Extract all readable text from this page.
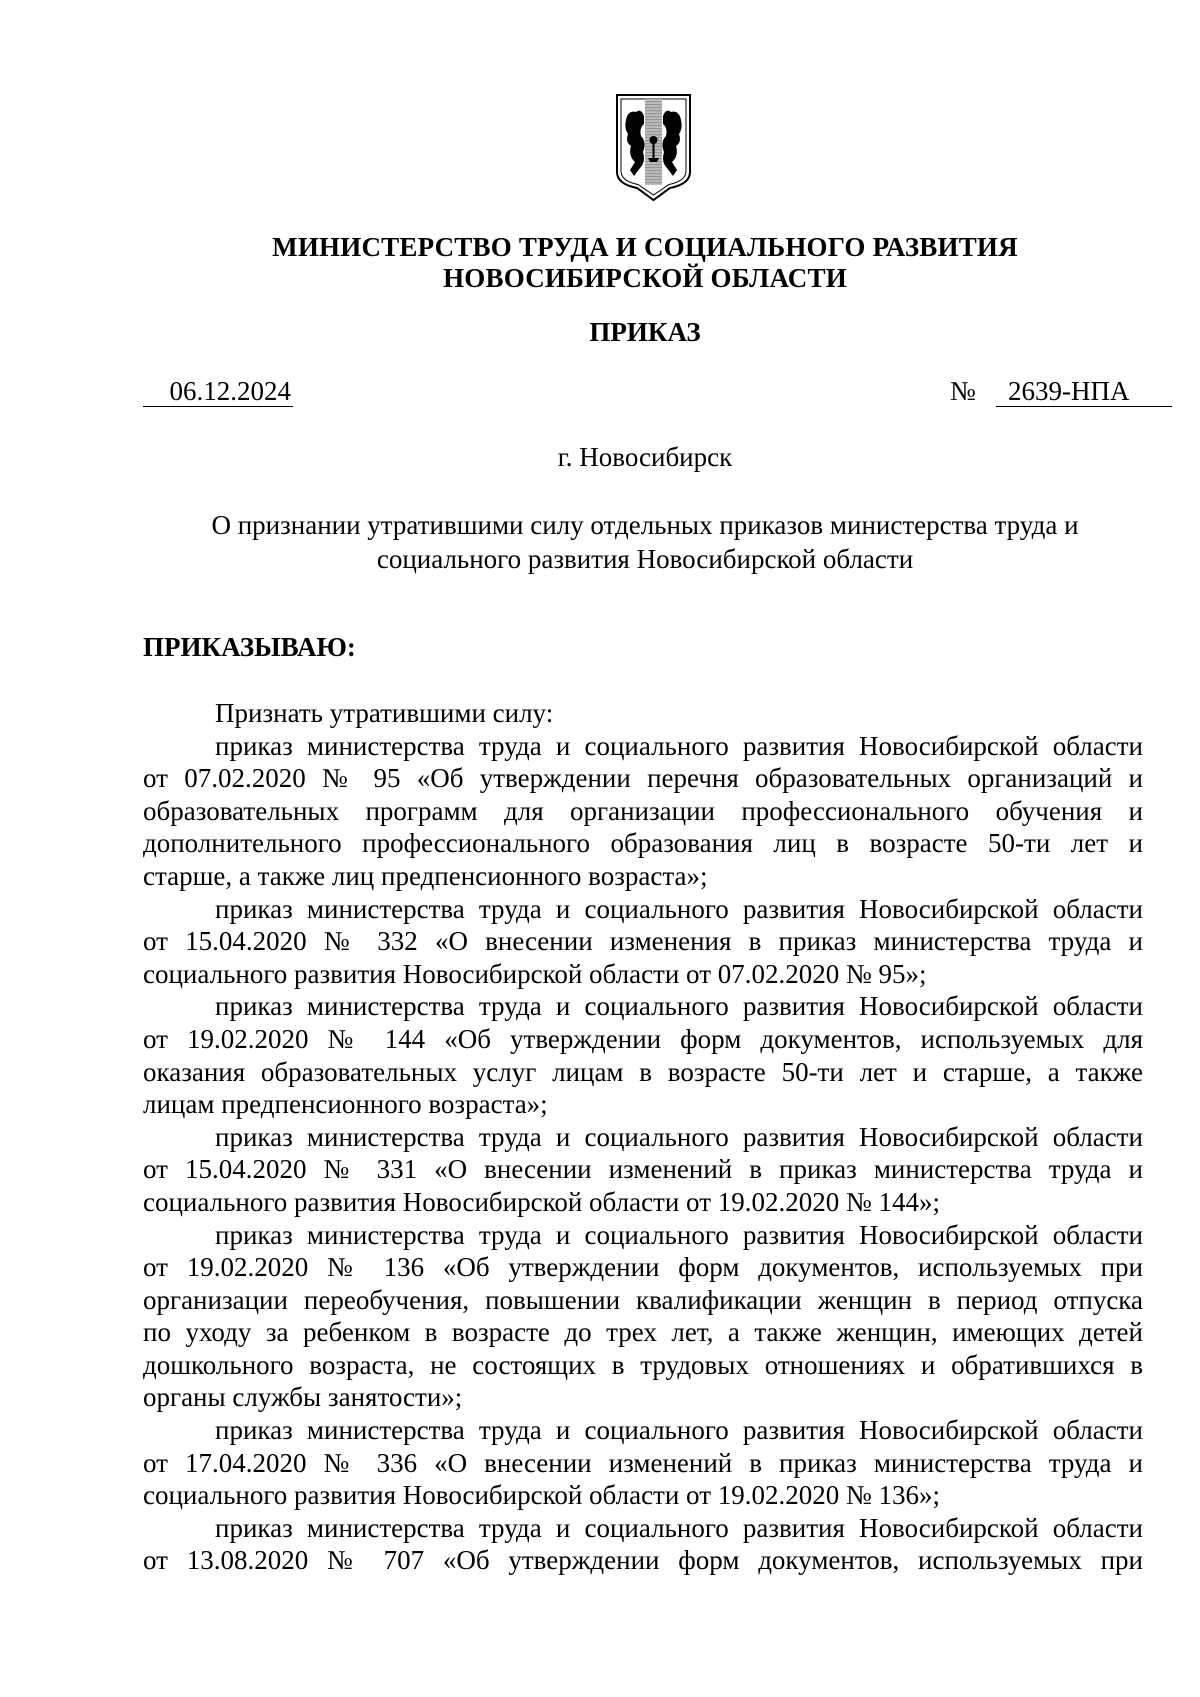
МИНИСТЕРСТВО ТРУДА И СОЦИАЛЬНОГО РАЗВИТИЯ
НОВОСИБИРСКОЙ ОБЛАСТИ
ПРИКАЗ
06.12.2024	№	2639-НПА
г. Новосибирск
О признании утратившими силу отдельных приказов министерства труда и
социального развития Новосибирской области
ПРИКАЗЫВАЮ:
Признать утратившими силу:
приказ министерства труда и социального развития Новосибирской области
от 07.02.2020 № 95 «Об утверждении перечня образовательных организаций и
образовательных программ для организации профессионального обучения и
дополнительного профессионального образования лиц в возрасте 50-ти лет и
старше, а также лиц предпенсионного возраста»;
приказ министерства труда и социального развития Новосибирской области
от 15.04.2020 № 332 «О внесении изменения в приказ министерства труда и
социального развития Новосибирской области от 07.02.2020 № 95»;
приказ министерства труда и социального развития Новосибирской области
от 19.02.2020 № 144 «Об утверждении форм документов, используемых для
оказания образовательных услуг лицам в возрасте 50-ти лет и старше, а также
лицам предпенсионного возраста»;
приказ министерства труда и социального развития Новосибирской области
от 15.04.2020 № 331 «О внесении изменений в приказ министерства труда и
социального развития Новосибирской области от 19.02.2020 № 144»;
приказ министерства труда и социального развития Новосибирской области
от 19.02.2020 № 136 «Об утверждении форм документов, используемых при
организации переобучения, повышении квалификации женщин в период отпуска
по уходу за ребенком в возрасте до трех лет, а также женщин, имеющих детей
дошкольного возраста, не состоящих в трудовых отношениях и обратившихся в
органы службы занятости»;
приказ министерства труда и социального развития Новосибирской области
от 17.04.2020 № 336 «О внесении изменений в приказ министерства труда и
социального развития Новосибирской области от 19.02.2020 № 136»;
приказ министерства труда и социального развития Новосибирской области
от 13.08.2020 № 707 «Об утверждении форм документов, используемых при
